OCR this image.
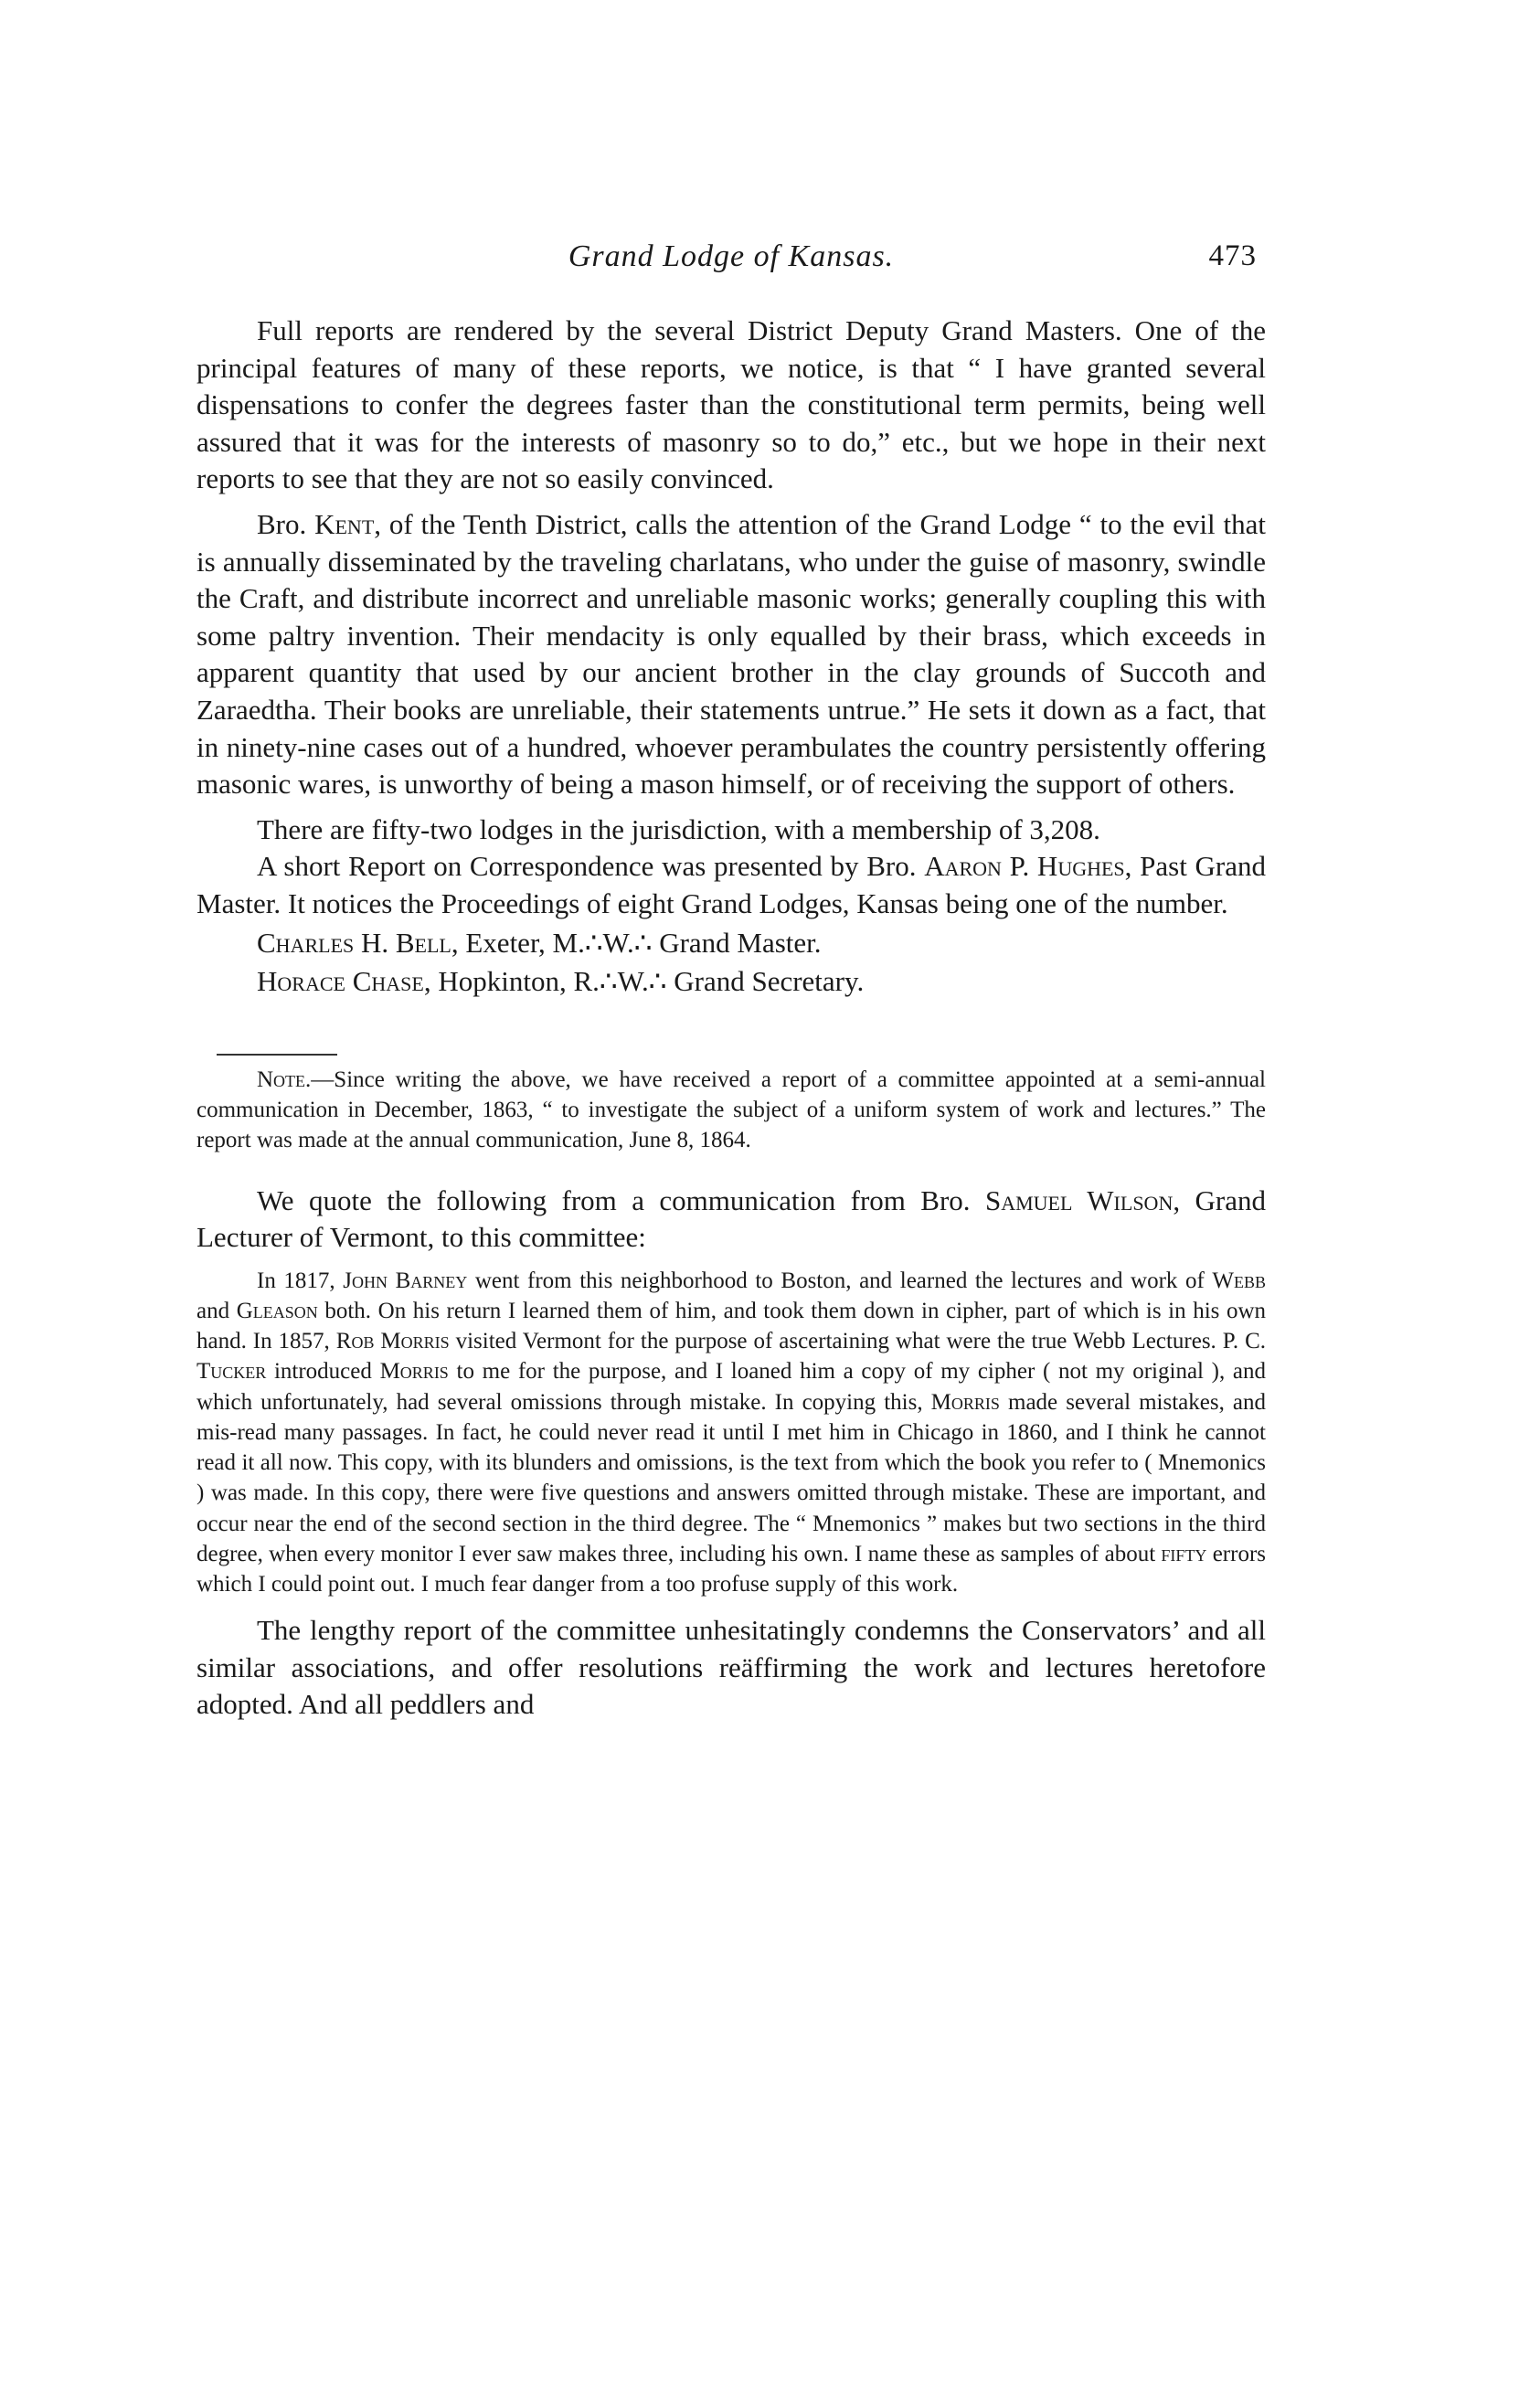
Grand Lodge of Kansas.	473

Full reports are rendered by the several District Deputy Grand Masters. One of the principal features of many of these reports, we notice, is that “ I have granted several dispensations to confer the degrees faster than the constitutional term permits, being well assured that it was for the interests of masonry so to do,” etc., but we hope in their next reports to see that they are not so easily convinced.

Bro. Kent, of the Tenth District, calls the attention of the Grand Lodge “ to the evil that is annually disseminated by the traveling charlatans, who under the guise of masonry, swindle the Craft, and distribute incorrect and unreliable masonic works; generally coupling this with some paltry invention. Their mendacity is only equalled by their brass, which exceeds in apparent quantity that used by our ancient brother in the clay grounds of Succoth and Zaraedtha. Their books are unreliable, their statements untrue.” He sets it down as a fact, that in ninety-nine cases out of a hundred, whoever perambulates the country persistently offering masonic wares, is unworthy of being a mason himself, or of receiving the support of others.

There are fifty-two lodges in the jurisdiction, with a membership of 3,208.

A short Report on Correspondence was presented by Bro. Aaron P. Hughes, Past Grand Master. It notices the Proceedings of eight Grand Lodges, Kansas being one of the number.

Charles H. Bell, Exeter, M.∴W.∴ Grand Master.

Horace Chase, Hopkinton, R.∴W.∴ Grand Secretary.

Note.—Since writing the above, we have received a report of a committee appointed at a semi-annual communication in December, 1863, “ to investigate the subject of a uniform system of work and lectures.” The report was made at the annual communication, June 8, 1864.

We quote the following from a communication from Bro. Samuel Wilson, Grand Lecturer of Vermont, to this committee:

In 1817, John Barney went from this neighborhood to Boston, and learned the lectures and work of Webb and Gleason both. On his return I learned them of him, and took them down in cipher, part of which is in his own hand. In 1857, Rob Morris visited Vermont for the purpose of ascertaining what were the true Webb Lectures. P. C. Tucker introduced Morris to me for the purpose, and I loaned him a copy of my cipher ( not my original ), and which unfortunately, had several omissions through mistake. In copying this, Morris made several mistakes, and mis-read many passages. In fact, he could never read it until I met him in Chicago in 1860, and I think he cannot read it all now. This copy, with its blunders and omissions, is the text from which the book you refer to ( Mnemonics ) was made. In this copy, there were five questions and answers omitted through mistake. These are important, and occur near the end of the second section in the third degree. The “ Mnemonics ” makes but two sections in the third degree, when every monitor I ever saw makes three, including his own. I name these as samples of about fifty errors which I could point out. I much fear danger from a too profuse supply of this work.

The lengthy report of the committee unhesitatingly condemns the Conservators’ and all similar associations, and offer resolutions reäffirming the work and lectures heretofore adopted. And all peddlers and
